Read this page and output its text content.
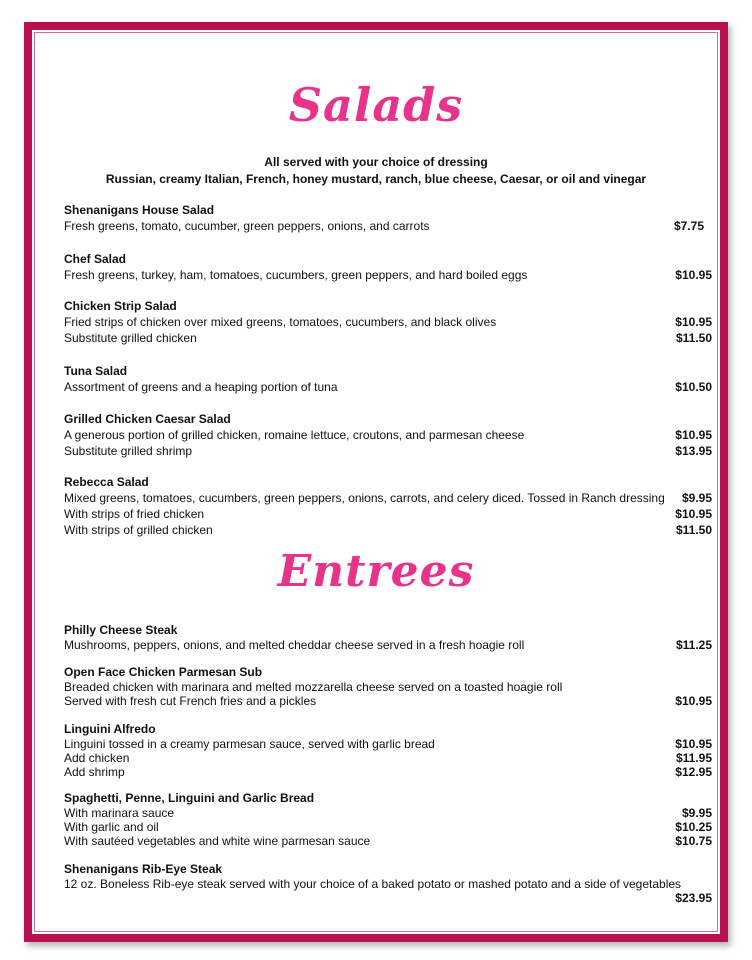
Salads
All served with your choice of dressing
Russian, creamy Italian, French, honey mustard, ranch, blue cheese, Caesar, or oil and vinegar
Shenanigans House Salad
Fresh greens, tomato, cucumber, green peppers, onions, and carrots	$7.75
Chef Salad
Fresh greens, turkey, ham, tomatoes, cucumbers, green peppers, and hard boiled eggs	$10.95
Chicken Strip Salad
Fried strips of chicken over mixed greens, tomatoes, cucumbers, and black olives	$10.95
Substitute grilled chicken	$11.50
Tuna Salad
Assortment of greens and a heaping portion of tuna	$10.50
Grilled Chicken Caesar Salad
A generous portion of grilled chicken, romaine lettuce, croutons, and parmesan cheese	$10.95
Substitute grilled shrimp	$13.95
Rebecca Salad
Mixed greens, tomatoes, cucumbers, green peppers, onions, carrots, and celery diced. Tossed in Ranch dressing $9.95
With strips of fried chicken	$10.95
With strips of grilled chicken	$11.50
Entrees
Philly Cheese Steak
Mushrooms, peppers, onions, and melted cheddar cheese served in a fresh hoagie roll	$11.25
Open Face Chicken Parmesan Sub
Breaded chicken with marinara and melted mozzarella cheese served on a toasted hoagie roll
Served with fresh cut French fries and a pickles	$10.95
Linguini Alfredo
Linguini tossed in a creamy parmesan sauce, served with garlic bread	$10.95
Add chicken	$11.95
Add shrimp	$12.95
Spaghetti, Penne, Linguini and Garlic Bread
With marinara sauce	$9.95
With garlic and oil	$10.25
With sautéed vegetables and white wine parmesan sauce	$10.75
Shenanigans Rib-Eye Steak
12 oz. Boneless Rib-eye steak served with your choice of a baked potato or mashed potato and a side of vegetables
$23.95
